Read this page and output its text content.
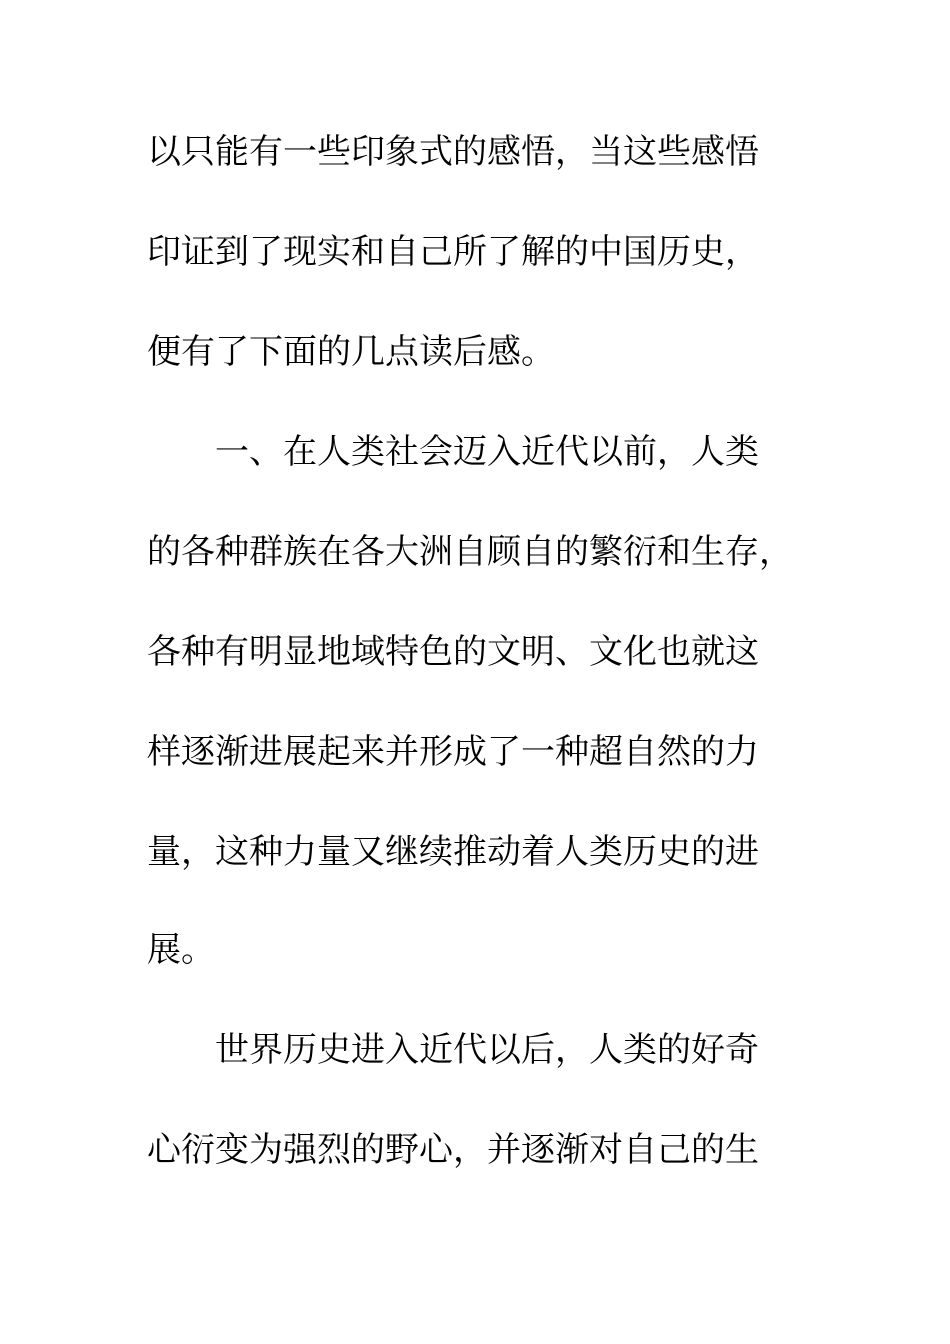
以只能有一些印象式的感悟，当这些感悟
印证到了现实和自己所了解的中国历史，
便有了下面的几点读后感。
一、在人类社会迈入近代以前，人类
的各种群族在各大洲自顾自的繁衍和生存，
各种有明显地域特色的文明、文化也就这
样逐渐进展起来并形成了一种超自然的力
量，这种力量又继续推动着人类历史的进
展。
世界历史进入近代以后，人类的好奇
心衍变为强烈的野心，并逐渐对自己的生
